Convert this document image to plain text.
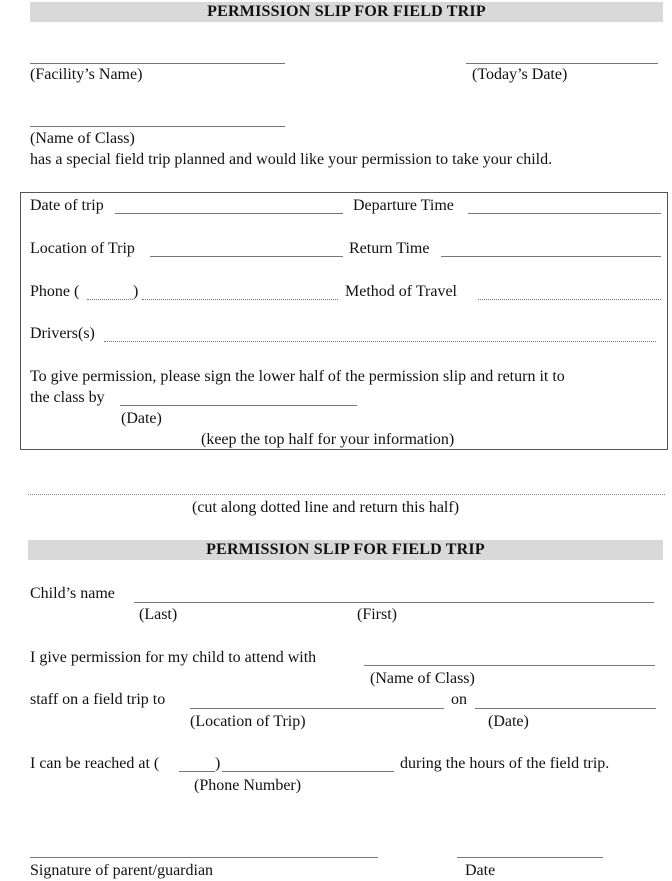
PERMISSION SLIP FOR FIELD TRIP
(Facility’s Name)	(Today’s Date)
(Name of Class)
has a special field trip planned and would like your permission to take your child.
Date of trip	Departure Time
Location of Trip	Return Time
Phone (	)	Method of Travel
Drivers(s)
To give permission, please sign the lower half of the permission slip and return it to
the class by
(Date)
(keep the top half for your information)
(cut along dotted line and return this half)
PERMISSION SLIP FOR FIELD TRIP
Child’s name
(Last)	(First)
I give permission for my child to attend with
(Name of Class)
staff on a field trip to	on
(Location of Trip)	(Date)
I can be reached at (	)	during the hours of the field trip.
(Phone Number)
Signature of parent/guardian	Date
